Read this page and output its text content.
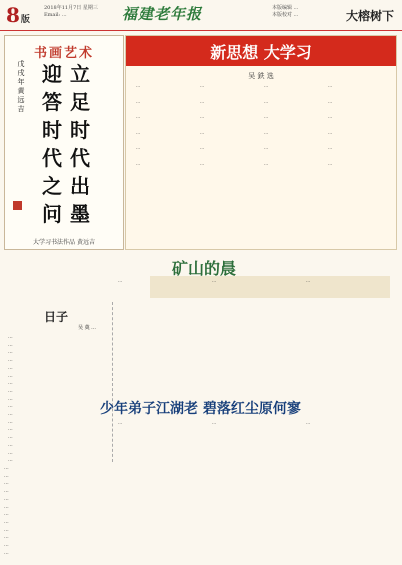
8版
2018年11月7日 星期三
Email: ...	福建老年报	本版编辑 ...
本版校对 ...	大榕树下
书画艺术
立足时代出墨
迎答时代之问
戊戌年黄远吉
大学习书法作品 黄远吉
新思想 大学习
吴 鉄 选
...	...	...	...
...	...	...	...
...	...	...	...
...	...	...	...
...	...	...	...
...	...	...	...
矿山的晨
日子
吴 奠 ...
...
...
...
...
...
...
...
...
...
...
...
...
...
...
...
...
...

...	...	...

少年弟子江湖老 碧落红尘原何寥
...
...
...
...
...
...
...
...
...
...
...
...

...	...	...
